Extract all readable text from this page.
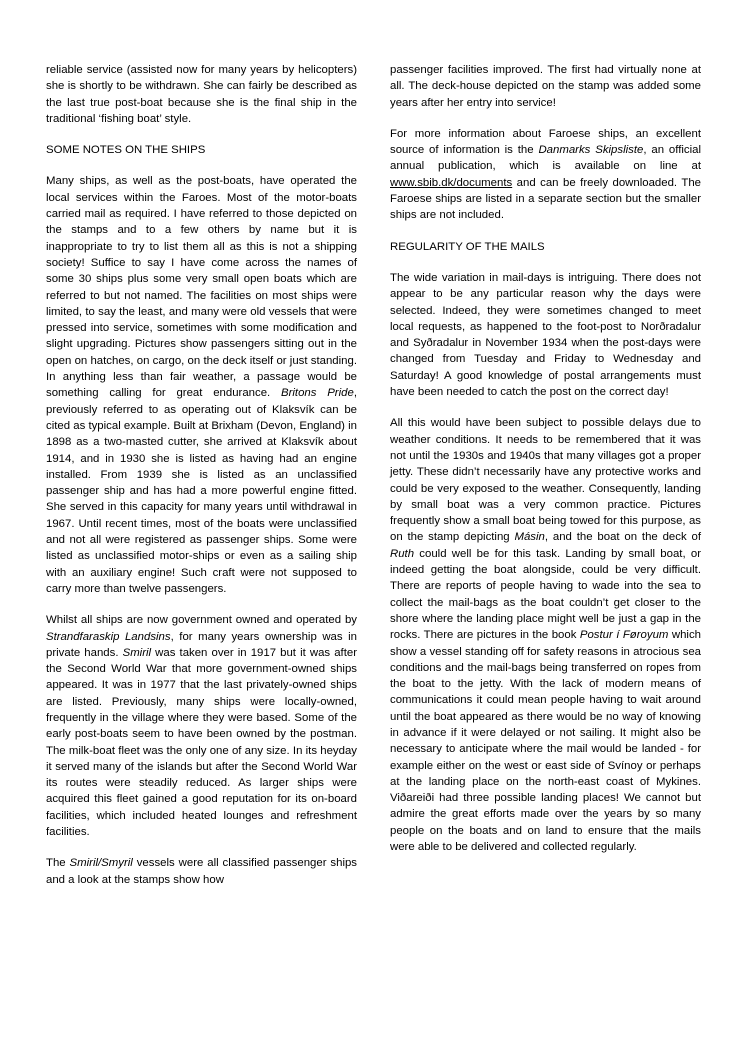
reliable service (assisted now for many years by helicopters) she is shortly to be withdrawn. She can fairly be described as the last true post-boat because she is the final ship in the traditional ‘fishing boat’ style.

SOME NOTES ON THE SHIPS

Many ships, as well as the post-boats, have operated the local services within the Faroes. Most of the motor-boats carried mail as required. I have referred to those depicted on the stamps and to a few others by name but it is inappropriate to try to list them all as this is not a shipping society! Suffice to say I have come across the names of some 30 ships plus some very small open boats which are referred to but not named. The facilities on most ships were limited, to say the least, and many were old vessels that were pressed into service, sometimes with some modification and slight upgrading. Pictures show passengers sitting out in the open on hatches, on cargo, on the deck itself or just standing. In anything less than fair weather, a passage would be something calling for great endurance. Britons Pride, previously referred to as operating out of Klaksvík can be cited as typical example. Built at Brixham (Devon, England) in 1898 as a two-masted cutter, she arrived at Klaksvík about 1914, and in 1930 she is listed as having had an engine installed. From 1939 she is listed as an unclassified passenger ship and has had a more powerful engine fitted. She served in this capacity for many years until withdrawal in 1967. Until recent times, most of the boats were unclassified and not all were registered as passenger ships. Some were listed as unclassified motor-ships or even as a sailing ship with an auxiliary engine! Such craft were not supposed to carry more than twelve passengers.

Whilst all ships are now government owned and operated by Strandfaraskip Landsins, for many years ownership was in private hands. Smiril was taken over in 1917 but it was after the Second World War that more government-owned ships appeared. It was in 1977 that the last privately-owned ships are listed. Previously, many ships were locally-owned, frequently in the village where they were based. Some of the early post-boats seem to have been owned by the postman. The milk-boat fleet was the only one of any size. In its heyday it served many of the islands but after the Second World War its routes were steadily reduced. As larger ships were acquired this fleet gained a good reputation for its on-board facilities, which included heated lounges and refreshment facilities.

The Smiril/Smyril vessels were all classified passenger ships and a look at the stamps show how

passenger facilities improved. The first had virtually none at all. The deck-house depicted on the stamp was added some years after her entry into service!

For more information about Faroese ships, an excellent source of information is the Danmarks Skipsliste, an official annual publication, which is available on line at www.sbib.dk/documents and can be freely downloaded. The Faroese ships are listed in a separate section but the smaller ships are not included.

REGULARITY OF THE MAILS

The wide variation in mail-days is intriguing. There does not appear to be any particular reason why the days were selected. Indeed, they were sometimes changed to meet local requests, as happened to the foot-post to Norðradalur and Syðradalur in November 1934 when the post-days were changed from Tuesday and Friday to Wednesday and Saturday! A good knowledge of postal arrangements must have been needed to catch the post on the correct day!

All this would have been subject to possible delays due to weather conditions. It needs to be remembered that it was not until the 1930s and 1940s that many villages got a proper jetty. These didn’t necessarily have any protective works and could be very exposed to the weather. Consequently, landing by small boat was a very common practice. Pictures frequently show a small boat being towed for this purpose, as on the stamp depicting Másin, and the boat on the deck of Ruth could well be for this task. Landing by small boat, or indeed getting the boat alongside, could be very difficult. There are reports of people having to wade into the sea to collect the mail-bags as the boat couldn’t get closer to the shore where the landing place might well be just a gap in the rocks. There are pictures in the book Postur í Føroyum which show a vessel standing off for safety reasons in atrocious sea conditions and the mail-bags being transferred on ropes from the boat to the jetty. With the lack of modern means of communications it could mean people having to wait around until the boat appeared as there would be no way of knowing in advance if it were delayed or not sailing. It might also be necessary to anticipate where the mail would be landed - for example either on the west or east side of Svínoy or perhaps at the landing place on the north-east coast of Mykines. Viðareiði had three possible landing places! We cannot but admire the great efforts made over the years by so many people on the boats and on land to ensure that the mails were able to be delivered and collected regularly.
